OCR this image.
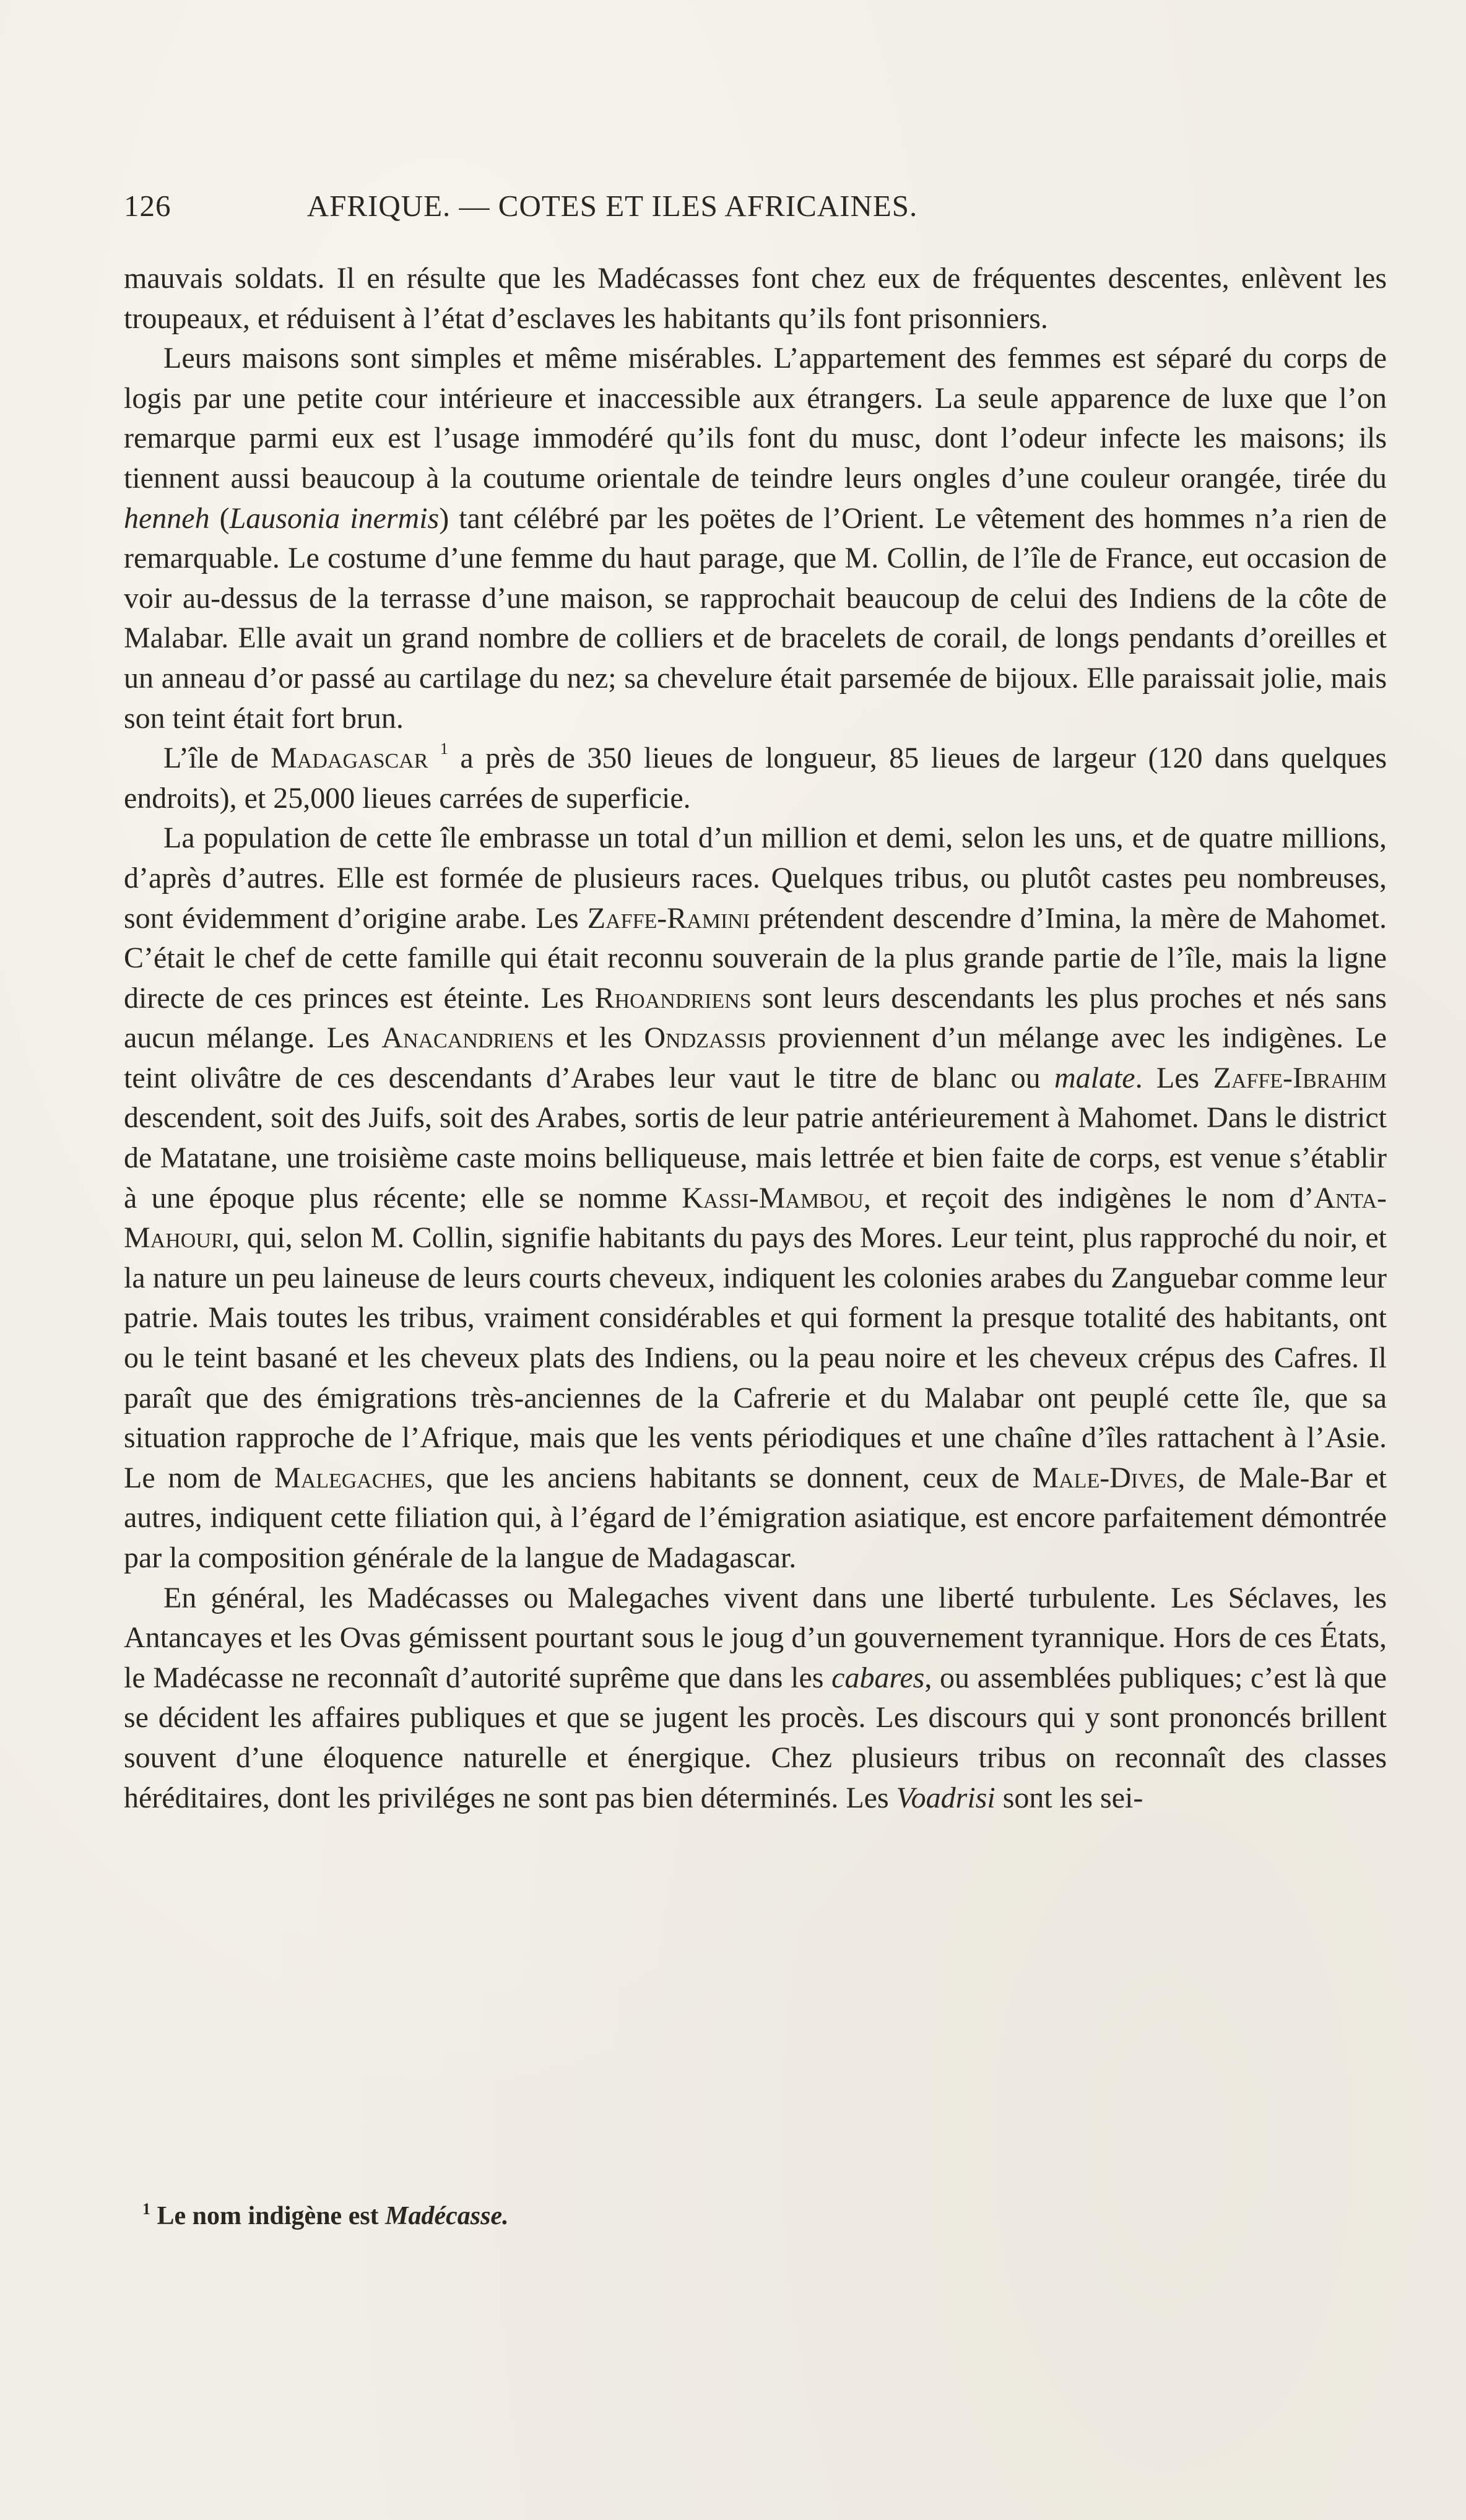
126	AFRIQUE. — COTES ET ILES AFRICAINES.

mauvais soldats. Il en résulte que les Madécasses font chez eux de fréquentes descentes, enlèvent les troupeaux, et réduisent à l’état d’esclaves les habitants qu’ils font prisonniers.

Leurs maisons sont simples et même misérables. L’appartement des femmes est séparé du corps de logis par une petite cour intérieure et inaccessible aux étrangers. La seule apparence de luxe que l’on remarque parmi eux est l’usage immodéré qu’ils font du musc, dont l’odeur infecte les maisons; ils tiennent aussi beaucoup à la coutume orientale de teindre leurs ongles d’une couleur orangée, tirée du henneh (Lausonia inermis) tant célébré par les poëtes de l’Orient. Le vêtement des hommes n’a rien de remarquable. Le costume d’une femme du haut parage, que M. Collin, de l’île de France, eut occasion de voir au-dessus de la terrasse d’une maison, se rapprochait beaucoup de celui des Indiens de la côte de Malabar. Elle avait un grand nombre de colliers et de bracelets de corail, de longs pendants d’oreilles et un anneau d’or passé au cartilage du nez; sa chevelure était parsemée de bijoux. Elle paraissait jolie, mais son teint était fort brun.

L’île de Madagascar $^1$ a près de 350 lieues de longueur, 85 lieues de largeur (120 dans quelques endroits), et 25,000 lieues carrées de superficie.

La population de cette île embrasse un total d’un million et demi, selon les uns, et de quatre millions, d’après d’autres. Elle est formée de plusieurs races. Quelques tribus, ou plutôt castes peu nombreuses, sont évidemment d’origine arabe. Les Zaffe-Ramini prétendent descendre d’Imina, la mère de Mahomet. C’était le chef de cette famille qui était reconnu souverain de la plus grande partie de l’île, mais la ligne directe de ces princes est éteinte. Les Rhoandriens sont leurs descendants les plus proches et nés sans aucun mélange. Les Anacandriens et les Ondzassis proviennent d’un mélange avec les indigènes. Le teint olivâtre de ces descendants d’Arabes leur vaut le titre de blanc ou malate. Les Zaffe-Ibrahim descendent, soit des Juifs, soit des Arabes, sortis de leur patrie antérieurement à Mahomet. Dans le district de Matatane, une troisième caste moins belliqueuse, mais lettrée et bien faite de corps, est venue s’établir à une époque plus récente; elle se nomme Kassi-Mambou, et reçoit des indigènes le nom d’Anta-Mahouri, qui, selon M. Collin, signifie habitants du pays des Mores. Leur teint, plus rapproché du noir, et la nature un peu laineuse de leurs courts cheveux, indiquent les colonies arabes du Zanguebar comme leur patrie. Mais toutes les tribus, vraiment considérables et qui forment la presque totalité des habitants, ont ou le teint basané et les cheveux plats des Indiens, ou la peau noire et les cheveux crépus des Cafres. Il paraît que des émigrations très-anciennes de la Cafrerie et du Malabar ont peuplé cette île, que sa situation rapproche de l’Afrique, mais que les vents périodiques et une chaîne d’îles rattachent à l’Asie. Le nom de Malegaches, que les anciens habitants se donnent, ceux de Male-Dives, de Male-Bar et autres, indiquent cette filiation qui, à l’égard de l’émigration asiatique, est encore parfaitement démontrée par la composition générale de la langue de Madagascar.

En général, les Madécasses ou Malegaches vivent dans une liberté turbulente. Les Séclaves, les Antancayes et les Ovas gémissent pourtant sous le joug d’un gouvernement tyrannique. Hors de ces États, le Madécasse ne reconnaît d’autorité suprême que dans les cabares, ou assemblées publiques; c’est là que se décident les affaires publiques et que se jugent les procès. Les discours qui y sont prononcés brillent souvent d’une éloquence naturelle et énergique. Chez plusieurs tribus on reconnaît des classes héréditaires, dont les priviléges ne sont pas bien déterminés. Les Voadrisi sont les sei-

$^1$ Le nom indigène est Madécasse.
